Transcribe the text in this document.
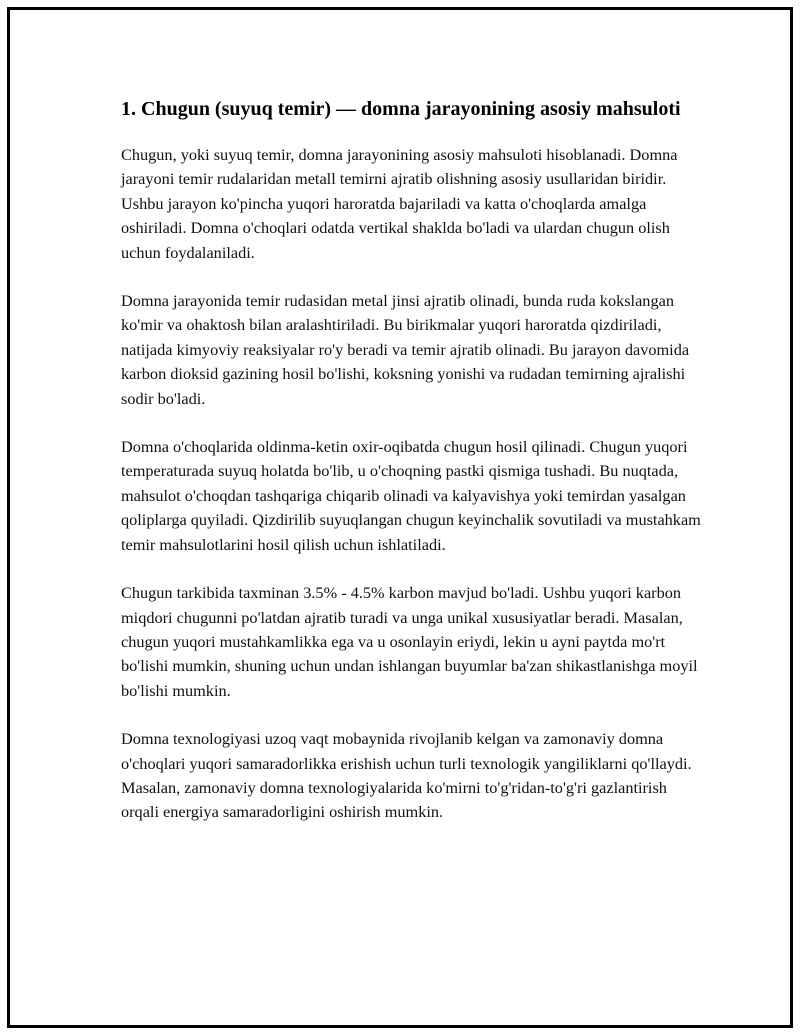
1. Chugun (suyuq temir) — domna jarayonining asosiy mahsuloti

Chugun, yoki suyuq temir, domna jarayonining asosiy mahsuloti hisoblanadi. Domna jarayoni temir rudalaridan metall temirni ajratib olishning asosiy usullaridan biridir. Ushbu jarayon ko'pincha yuqori haroratda bajariladi va katta o'choqlarda amalga oshiriladi. Domna o'choqlari odatda vertikal shaklda bo'ladi va ulardan chugun olish uchun foydalaniladi.

Domna jarayonida temir rudasidan metal jinsi ajratib olinadi, bunda ruda kokslangan ko'mir va ohaktosh bilan aralashtiriladi. Bu birikmalar yuqori haroratda qizdiriladi, natijada kimyoviy reaksiyalar ro'y beradi va temir ajratib olinadi. Bu jarayon davomida karbon dioksid gazining hosil bo'lishi, koksning yonishi va rudadan temirning ajralishi sodir bo'ladi.

Domna o'choqlarida oldinma-ketin oxir-oqibatda chugun hosil qilinadi. Chugun yuqori temperaturada suyuq holatda bo'lib, u o'choqning pastki qismiga tushadi. Bu nuqtada, mahsulot o'choqdan tashqariga chiqarib olinadi va kalyavishya yoki temirdan yasalgan qoliplarga quyiladi. Qizdirilib suyuqlangan chugun keyinchalik sovutiladi va mustahkam temir mahsulotlarini hosil qilish uchun ishlatiladi.

Chugun tarkibida taxminan 3.5% - 4.5% karbon mavjud bo'ladi. Ushbu yuqori karbon miqdori chugunni po'latdan ajratib turadi va unga unikal xususiyatlar beradi. Masalan, chugun yuqori mustahkamlikka ega va u osonlayin eriydi, lekin u ayni paytda mo'rt bo'lishi mumkin, shuning uchun undan ishlangan buyumlar ba'zan shikastlanishga moyil bo'lishi mumkin.

Domna texnologiyasi uzoq vaqt mobaynida rivojlanib kelgan va zamonaviy domna o'choqlari yuqori samaradorlikka erishish uchun turli texnologik yangiliklarni qo'llaydi. Masalan, zamonaviy domna texnologiyalarida ko'mirni to'g'ridan-to'g'ri gazlantirish orqali energiya samaradorligini oshirish mumkin.
